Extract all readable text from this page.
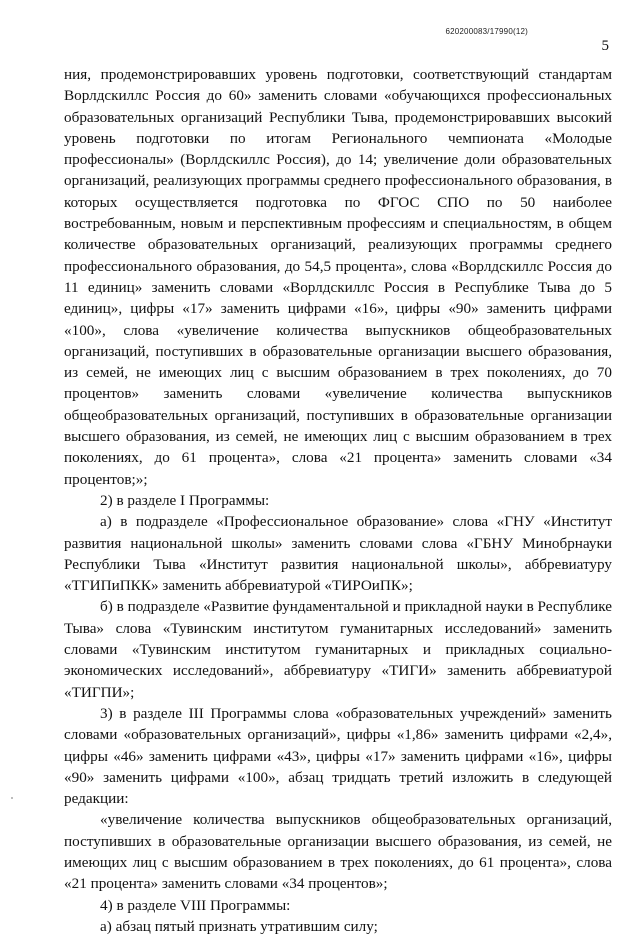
620200083/17990(12)
5

ния, продемонстрировавших уровень подготовки, соответствующий стандартам Ворлдскиллс Россия до 60» заменить словами «обучающихся профессиональных образовательных организаций Республики Тыва, продемонстрировавших высокий уровень подготовки по итогам Регионального чемпионата «Молодые профессионалы» (Ворлдскиллс Россия), до 14; увеличение доли образовательных организаций, реализующих программы среднего профессионального образования, в которых осуществляется подготовка по ФГОС СПО по 50 наиболее востребованным, новым и перспективным профессиям и специальностям, в общем количестве образовательных организаций, реализующих программы среднего профессионального образования, до 54,5 процента», слова «Ворлдскиллс Россия до 11 единиц» заменить словами «Ворлдскиллс Россия в Республике Тыва до 5 единиц», цифры «17» заменить цифрами «16», цифры «90» заменить цифрами «100», слова «увеличение количества выпускников общеобразовательных организаций, поступивших в образовательные организации высшего образования, из семей, не имеющих лиц с высшим образованием в трех поколениях, до 70 процентов» заменить словами «увеличение количества выпускников общеобразовательных организаций, поступивших в образовательные организации высшего образования, из семей, не имеющих лиц с высшим образованием в трех поколениях, до 61 процента», слова «21 процента» заменить словами «34 процентов;»;

2) в разделе I Программы:

а) в подразделе «Профессиональное образование» слова «ГНУ «Институт развития национальной школы» заменить словами слова «ГБНУ Минобрнауки Республики Тыва «Институт развития национальной школы», аббревиатуру «ТГИПиПКК» заменить аббревиатурой «ТИРОиПК»;

б) в подразделе «Развитие фундаментальной и прикладной науки в Республике Тыва» слова «Тувинским институтом гуманитарных исследований» заменить словами «Тувинским институтом гуманитарных и прикладных социально-экономических исследований», аббревиатуру «ТИГИ» заменить аббревиатурой «ТИГПИ»;

3) в разделе III Программы слова «образовательных учреждений» заменить словами «образовательных организаций», цифры «1,86» заменить цифрами «2,4», цифры «46» заменить цифрами «43», цифры «17» заменить цифрами «16», цифры «90» заменить цифрами «100», абзац тридцать третий изложить в следующей редакции:

«увеличение количества выпускников общеобразовательных организаций, поступивших в образовательные организации высшего образования, из семей, не имеющих лиц с высшим образованием в трех поколениях, до 61 процента», слова «21 процента» заменить словами «34 процентов»;

4) в разделе VIII Программы:

а) абзац пятый признать утратившим силу;
